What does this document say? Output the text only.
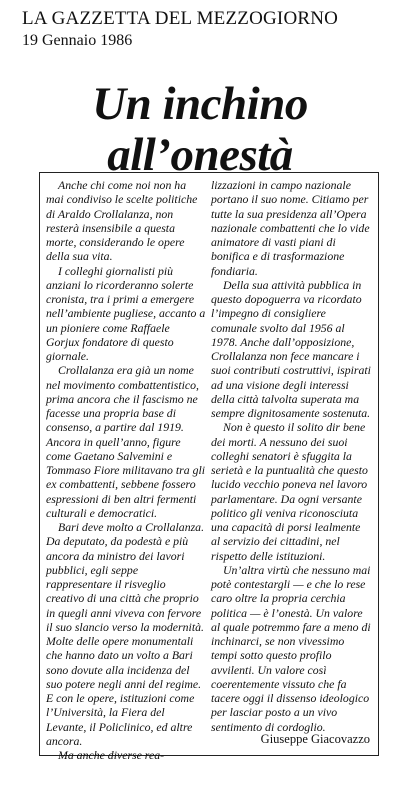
LA GAZZETTA DEL MEZZOGIORNO
19 Gennaio 1986
Un inchino
all’onestà

Anche chi come noi non ha mai condiviso le scelte politiche di Araldo Crollalanza, non resterà insensibile a questa morte, considerando le opere della sua vita.

I colleghi giornalisti più anziani lo ricorderanno solerte cronista, tra i primi a emergere nell’ambiente pugliese, accanto a un pioniere come Raffaele Gorjux fondatore di questo giornale.

Crollalanza era già un nome nel movimento combattentistico, prima ancora che il fascismo ne facesse una propria base di consenso, a partire dal 1919. Ancora in quell’anno, figure come Gaetano Salvemini e Tommaso Fiore militavano tra gli ex combattenti, sebbene fossero espressioni di ben altri fermenti culturali e democratici.

Bari deve molto a Crollalanza. Da deputato, da podestà e più ancora da ministro dei lavori pubblici, egli seppe rappresentare il risveglio creativo di una città che proprio in quegli anni viveva con fervore il suo slancio verso la modernità. Molte delle opere monumentali che hanno dato un volto a Bari sono dovute alla incidenza del suo potere negli anni del regime. E con le opere, istituzioni come l’Università, la Fiera del Levante, il Policlinico, ed altre ancora.

Ma anche diverse rea-

lizzazioni in campo nazionale portano il suo nome. Citiamo per tutte la sua presidenza all’Opera nazionale combattenti che lo vide animatore di vasti piani di bonifica e di trasformazione fondiaria.

Della sua attività pubblica in questo dopoguerra va ricordato l’impegno di consigliere comunale svolto dal 1956 al 1978. Anche dall’opposizione, Crollalanza non fece mancare i suoi contributi costruttivi, ispirati ad una visione degli interessi della città talvolta superata ma sempre dignitosamente sostenuta.

Non è questo il solito dir bene dei morti. A nessuno dei suoi colleghi senatori è sfuggita la serietà e la puntualità che questo lucido vecchio poneva nel lavoro parlamentare. Da ogni versante politico gli veniva riconosciuta una capacità di porsi lealmente al servizio dei cittadini, nel rispetto delle istituzioni.

Un’altra virtù che nessuno mai potè contestargli — e che lo rese caro oltre la propria cerchia politica — è l’onestà. Un valore al quale potremmo fare a meno di inchinarci, se non vivessimo tempi sotto questo profilo avvilenti. Un valore così coerentemente vissuto che fa tacere oggi il dissenso ideologico per lasciar posto a un vivo sentimento di cordoglio.

Giuseppe Giacovazzo
